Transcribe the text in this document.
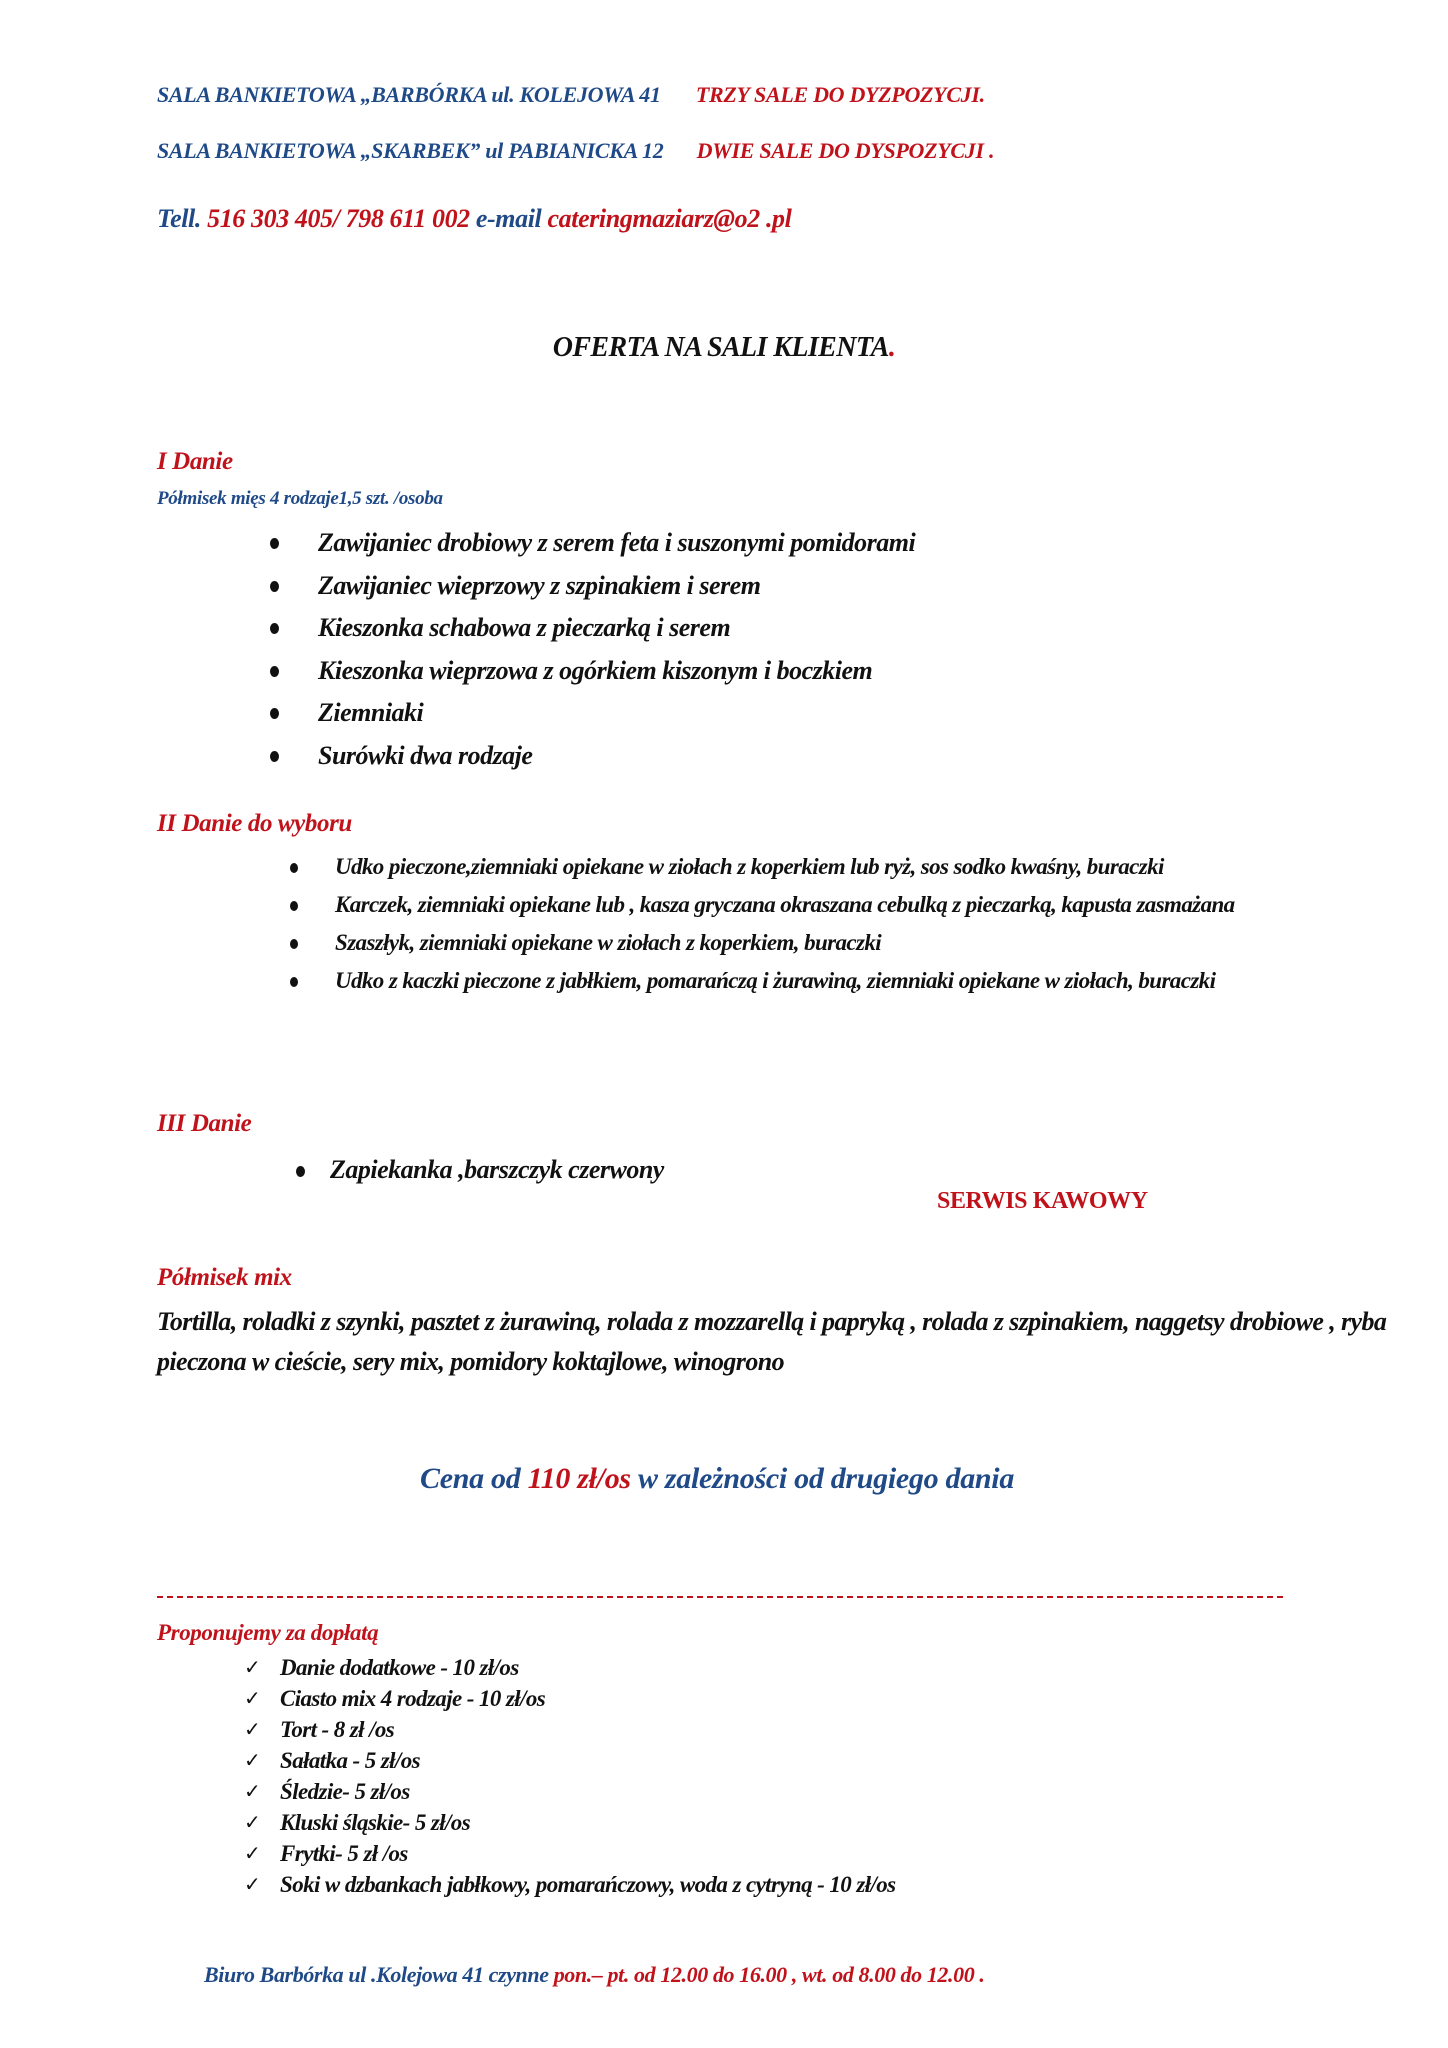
SALA BANKIETOWA „BARBÓRKA ul. KOLEJOWA 41 TRZY SALE DO DYZPOZYCJI.
SALA BANKIETOWA „SKARBEK” ul PABIANICKA 12 DWIE SALE DO DYSPOZYCJI .
Tell. 516 303 405/ 798 611 002 e-mail cateringmaziarz@o2 .pl
OFERTA NA SALI KLIENTA.
I Danie
Półmisek mięs 4 rodzaje1,5 szt. /osoba
Zawijaniec drobiowy z serem feta i suszonymi pomidorami
Zawijaniec wieprzowy z szpinakiem i serem
Kieszonka schabowa z pieczarką i serem
Kieszonka wieprzowa z ogórkiem kiszonym i boczkiem
Ziemniaki
Surówki dwa rodzaje
II Danie do wyboru
Udko pieczone,ziemniaki opiekane w ziołach z koperkiem lub ryż, sos sodko kwaśny, buraczki
Karczek, ziemniaki opiekane lub , kasza gryczana okraszana cebulką z pieczarką, kapusta zasmażana
Szaszłyk, ziemniaki opiekane w ziołach z koperkiem, buraczki
Udko z kaczki pieczone z jabłkiem, pomarańczą i żurawiną, ziemniaki opiekane w ziołach, buraczki
III Danie
Zapiekanka ,barszczyk czerwony
SERWIS KAWOWY
Półmisek mix
Tortilla, roladki z szynki, pasztet z żurawiną, rolada z mozzarellą i papryką , rolada z szpinakiem, naggetsy drobiowe , ryba pieczona w cieście, sery mix, pomidory koktajlowe, winogrono
Cena od 110 zł/os w zależności od drugiego dania
Proponujemy za dopłatą
✓ Danie dodatkowe - 10 zł/os
✓ Ciasto mix 4 rodzaje - 10 zł/os
✓ Tort - 8 zł /os
✓ Sałatka - 5 zł/os
✓ Śledzie- 5 zł/os
✓ Kluski śląskie- 5 zł/os
✓ Frytki- 5 zł /os
✓ Soki w dzbankach jabłkowy, pomarańczowy, woda z cytryną - 10 zł/os
Biuro Barbórka ul .Kolejowa 41 czynne pon.– pt. od 12.00 do 16.00 , wt. od 8.00 do 12.00 .
